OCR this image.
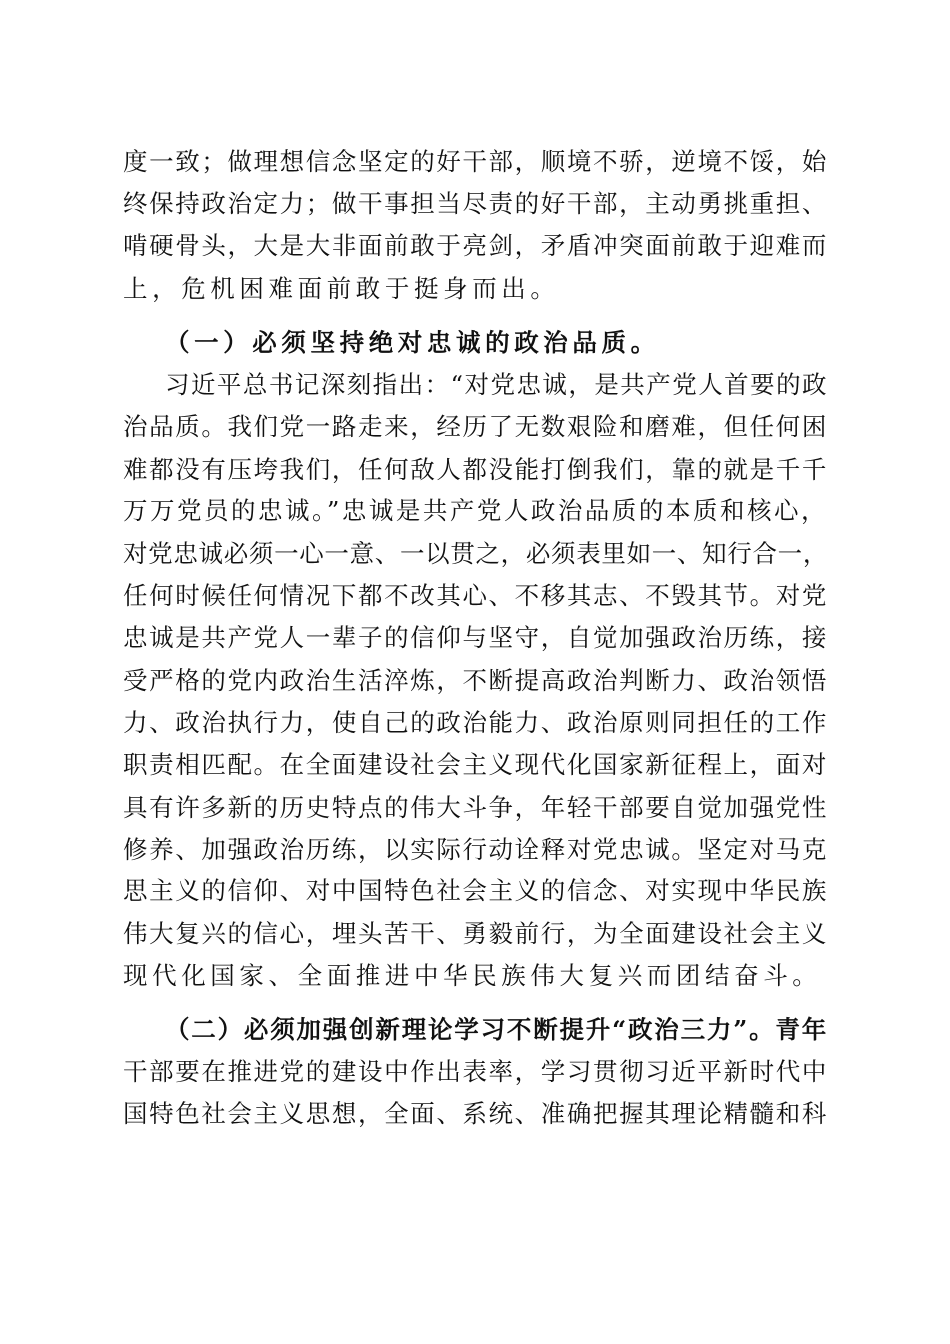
度一致；做理想信念坚定的好干部，顺境不骄，逆境不馁，始
终保持政治定力；做干事担当尽责的好干部，主动勇挑重担、
啃硬骨头，大是大非面前敢于亮剑，矛盾冲突面前敢于迎难而
上，危机困难面前敢于挺身而出。
（一）必须坚持绝对忠诚的政治品质。
习近平总书记深刻指出：“对党忠诚，是共产党人首要的政
治品质。我们党一路走来，经历了无数艰险和磨难，但任何困
难都没有压垮我们，任何敌人都没能打倒我们，靠的就是千千
万万党员的忠诚。”忠诚是共产党人政治品质的本质和核心，
对党忠诚必须一心一意、一以贯之，必须表里如一、知行合一，
任何时候任何情况下都不改其心、不移其志、不毁其节。对党
忠诚是共产党人一辈子的信仰与坚守，自觉加强政治历练，接
受严格的党内政治生活淬炼，不断提高政治判断力、政治领悟
力、政治执行力，使自己的政治能力、政治原则同担任的工作
职责相匹配。在全面建设社会主义现代化国家新征程上，面对
具有许多新的历史特点的伟大斗争，年轻干部要自觉加强党性
修养、加强政治历练，以实际行动诠释对党忠诚。坚定对马克
思主义的信仰、对中国特色社会主义的信念、对实现中华民族
伟大复兴的信心，埋头苦干、勇毅前行，为全面建设社会主义
现代化国家、全面推进中华民族伟大复兴而团结奋斗。
（二）必须加强创新理论学习不断提升“政治三力”。青年
干部要在推进党的建设中作出表率，学习贯彻习近平新时代中
国特色社会主义思想，全面、系统、准确把握其理论精髓和科
